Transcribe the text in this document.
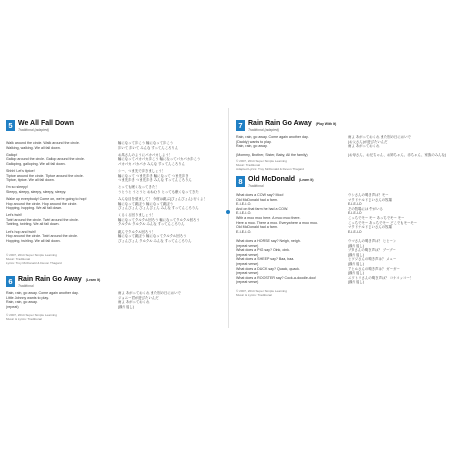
5 We All Fall Down
Traditional (adapted)
Walk around the circle. Walk around the circle.
Walking, walking. We all fall down.
Gallop!
Gallop around the circle. Gallop around the circle.
Galloping, galloping. We all fall down.
Shhh! Let's tiptoe!
Tiptoe around the circle. Tiptoe around the circle.
Tiptoe, tiptoe. We all fall down.
I'm so sleepy!
Sleepy, sleepy, sleepy, sleepy, sleepy.
Wake up everybody! Come on, we're going to hop!
Hop around the circle. Hop around the circle.
Hopping, hopping. We all fall down.
Let's twirl!
Twirl around the circle. Twirl around the circle.
Twirling, twirling. We all fall down.
Let's hop and twirl!
Hop around the circle. Twirl around the circle.
Hopping, twirling. We all fall down.
輪になって歩こう 輪になって歩こう
歩いて 歩いて みんな すってんころりん
お馬さんのようにパカパカしよう！
輪になってパカパカ歩こう 輪になってパカパカ歩こう
パカパカ パカパカ みんな すってんころりん
シー、つま先で歩きましょう！
輪になって つま先歩き 輪になって つま先歩き
つま先歩き つま先歩き みんな すってんころりん
とっても眠くなってきた！
うとうと うとうと おねむり とっても眠くなってきた
みんな目を覚まして！ 今度は跳ぶ(ぴょんぴょん) 行くよ！
輪になって跳ぼう 輪になって跳ぼう
ぴょんぴょん ぴょんぴょん みんな すってんころりん
くるくる回りましょう！
輪になってクルクル回ろう 輪になってクルクル回ろう
クルクル クルクル みんな すってんころりん
跳んでクルクル回ろう！
輪になって跳ぼう 輪になってクルクル回ろう
ぴょんぴょん クルクル みんな すってんころりん
© 2007, 2014 Super Simple Learning
Music: Traditional
Lyrics: Troy McDonald & Devon Thagard
6 Rain Rain Go Away (Learn It)
Traditional
Rain, rain, go away. Come again another day.
Little Johnny wants to play.
Rain, rain, go away.
(repeat)
雨よ あがっておくれ また別の日においで
ジョニー君が遊びたいんだ
雨よ あがっておくれ
(繰り返し)
© 2007, 2014 Super Simple Learning
Music & Lyrics: Traditional
7 Rain Rain Go Away (Play With It)
Traditional (adapted)
Rain, rain, go away. Come again another day.
(Daddy) wants to play.
Rain, rain, go away.
(Mommy, Brother, Sister, Baby, All the family)
雨よ あがっておくれ また別の日においで
(お父さん)が遊びたいんだ
雨よ あがっておくれ
(お母さん、お兄ちゃん、お姉ちゃん、赤ちゃん、家族のみんな)
© 2007, 2014 Super Simple Learning
Music: Traditional
Adapted Lyrics: Troy McDonald & Devon Thagard
8 Old McDonald (Learn It)
Traditional
What does a COW say? Moo!
Old McDonald had a farm.
E-I-E-I-O.
And on that farm he had a COW.
E-I-E-I-O.
With a moo moo here. A moo moo there.
Here a moo. There a moo. Everywhere a moo moo.
Old McDonald had a farm.
E-I-E-I-O.
What does a HORSE say? Neigh, neigh.
(repeat verse)
What does a PIG say? Oink, oink.
(repeat verse)
What does a SHEEP say? Baa, baa.
(repeat verse)
What does a DUCK say? Quack, quack.
(repeat verse)
What does a ROOSTER say? Cock-a-doodle-doo!
(repeat verse)
ウシさんの鳴き声は？モー
マクドナルドじいさんの牧場
E-I-E-I-O
その牧場には 牛がいる
E-I-E-I-O
こっちでモー モー あっちでモー モー
こっちでモー あっちでモー どこでもモーモー
マクドナルドじいさんの牧場
E-I-E-I-O
ウマさんの鳴き声は？ ヒヒーン
(繰り返し)
ブタさんの鳴き声は？ ブーブー
(繰り返し)
ヒツジさんの鳴き声は？ メェー
(繰り返し)
アヒルさんの鳴き声は？ ガーガー
(繰り返し)
ニワトリさんの鳴き声は？ コケコッコー！
(繰り返し)
© 2007, 2014 Super Simple Learning
Music & Lyrics: Traditional
